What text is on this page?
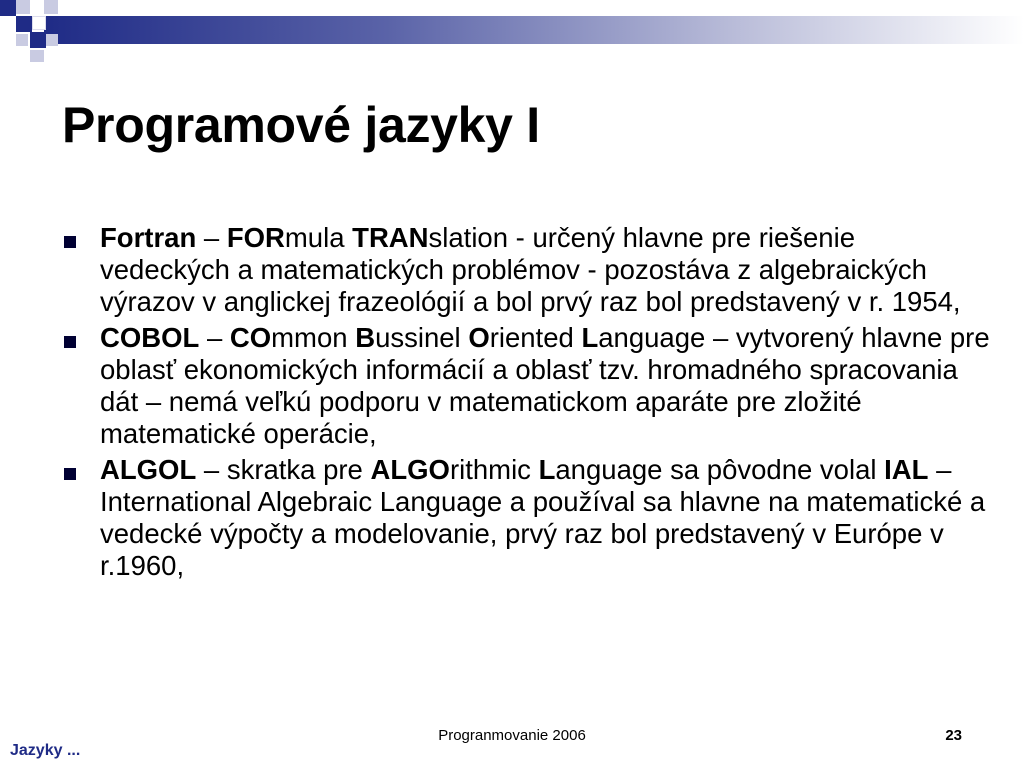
Programové jazyky I
Fortran – FORmula TRANslation - určený hlavne pre riešenie vedeckých a matematických problémov - pozostáva z algebraických výrazov v anglickej frazeológií a bol prvý raz bol predstavený v r. 1954,
COBOL – COmmon Bussinel Oriented Language – vytvorený hlavne pre oblasť ekonomických informácií a oblasť tzv. hromadného spracovania dát – nemá veľkú podporu v matematickom aparáte pre zložité matematické operácie,
ALGOL – skratka pre ALGOrithmic Language sa pôvodne volal IAL – International Algebraic Language a používal sa hlavne na matematické a vedecké výpočty a modelovanie, prvý raz bol predstavený v Európe v r.1960,
Progranmovanie 2006	23
Jazyky ...
